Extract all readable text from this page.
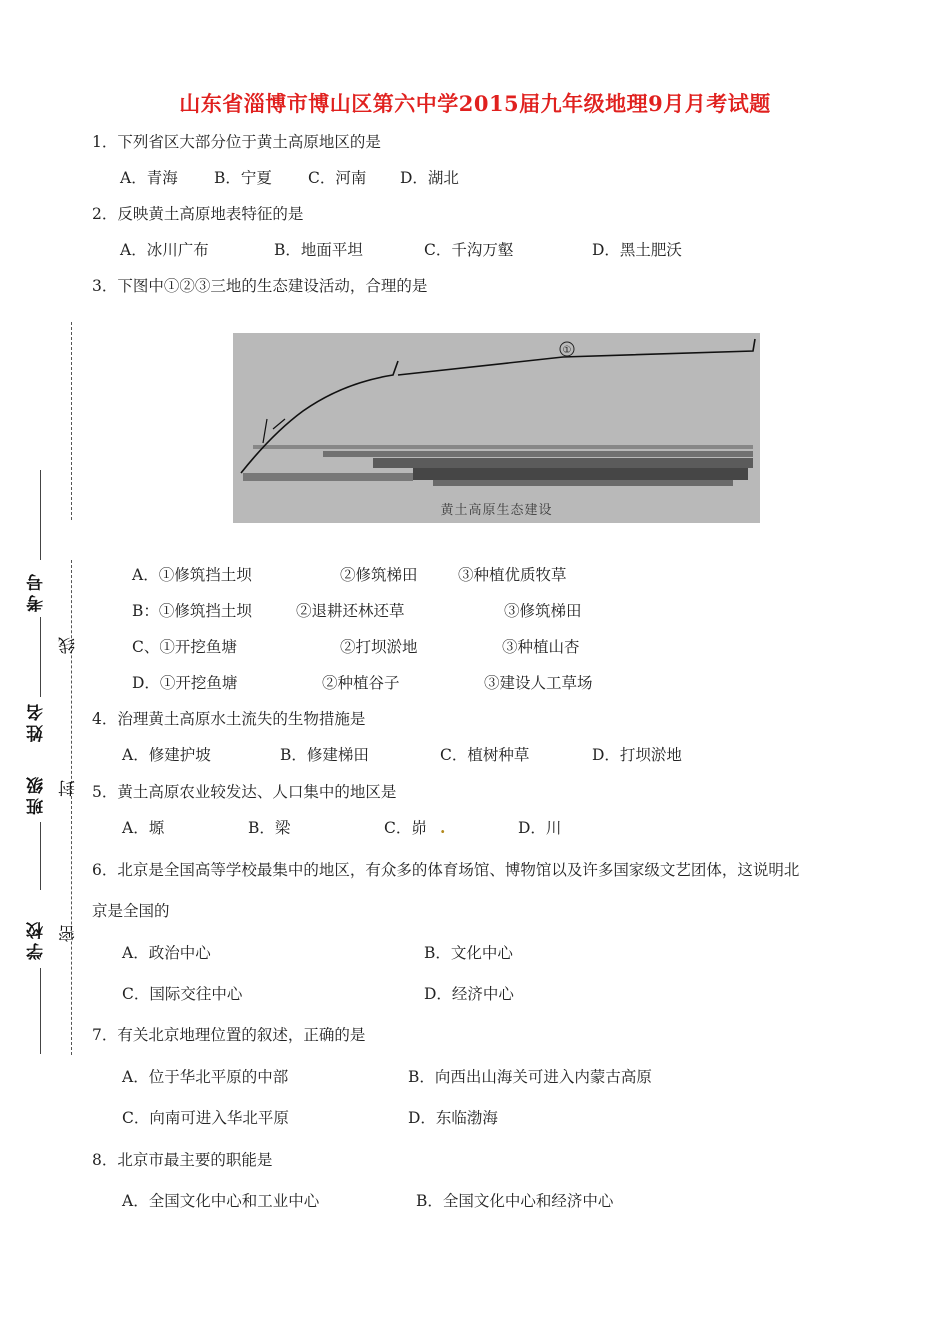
山东省淄博市博山区第六中学2015届九年级地理9月月考试题
考号
姓名
班级
学校
线
封
密
1．下列省区大部分位于黄土高原地区的是
A．青海 B．宁夏 C．河南 D．湖北
2．反映黄土高原地表特征的是
A．冰川广布	B．地面平坦	C．千沟万壑	D．黑土肥沃
3．下图中①②③三地的生态建设活动，合理的是
①
黄土高原生态建设
A．①修筑挡土坝	②修筑梯田	③种植优质牧草
B：①修筑挡土坝	②退耕还林还草	③修筑梯田
C、①开挖鱼塘	②打坝淤地	③种植山杏
D．①开挖鱼塘	②种植谷子	③建设人工草场
4．治理黄土高原水土流失的生物措施是
A．修建护坡	B．修建梯田	C．植树种草	D．打坝淤地
5．黄土高原农业较发达、人口集中的地区是
A．塬	B．梁	C．峁 .	D．川
6．北京是全国高等学校最集中的地区，有众多的体育场馆、博物馆以及许多国家级文艺团体，这说明北
京是全国的
A．政治中心	B．文化中心
C．国际交往中心	D．经济中心
7．有关北京地理位置的叙述，正确的是
A．位于华北平原的中部	B．向西出山海关可进入内蒙古高原
C．向南可进入华北平原	D．东临渤海
8．北京市最主要的职能是
A．全国文化中心和工业中心	B．全国文化中心和经济中心
